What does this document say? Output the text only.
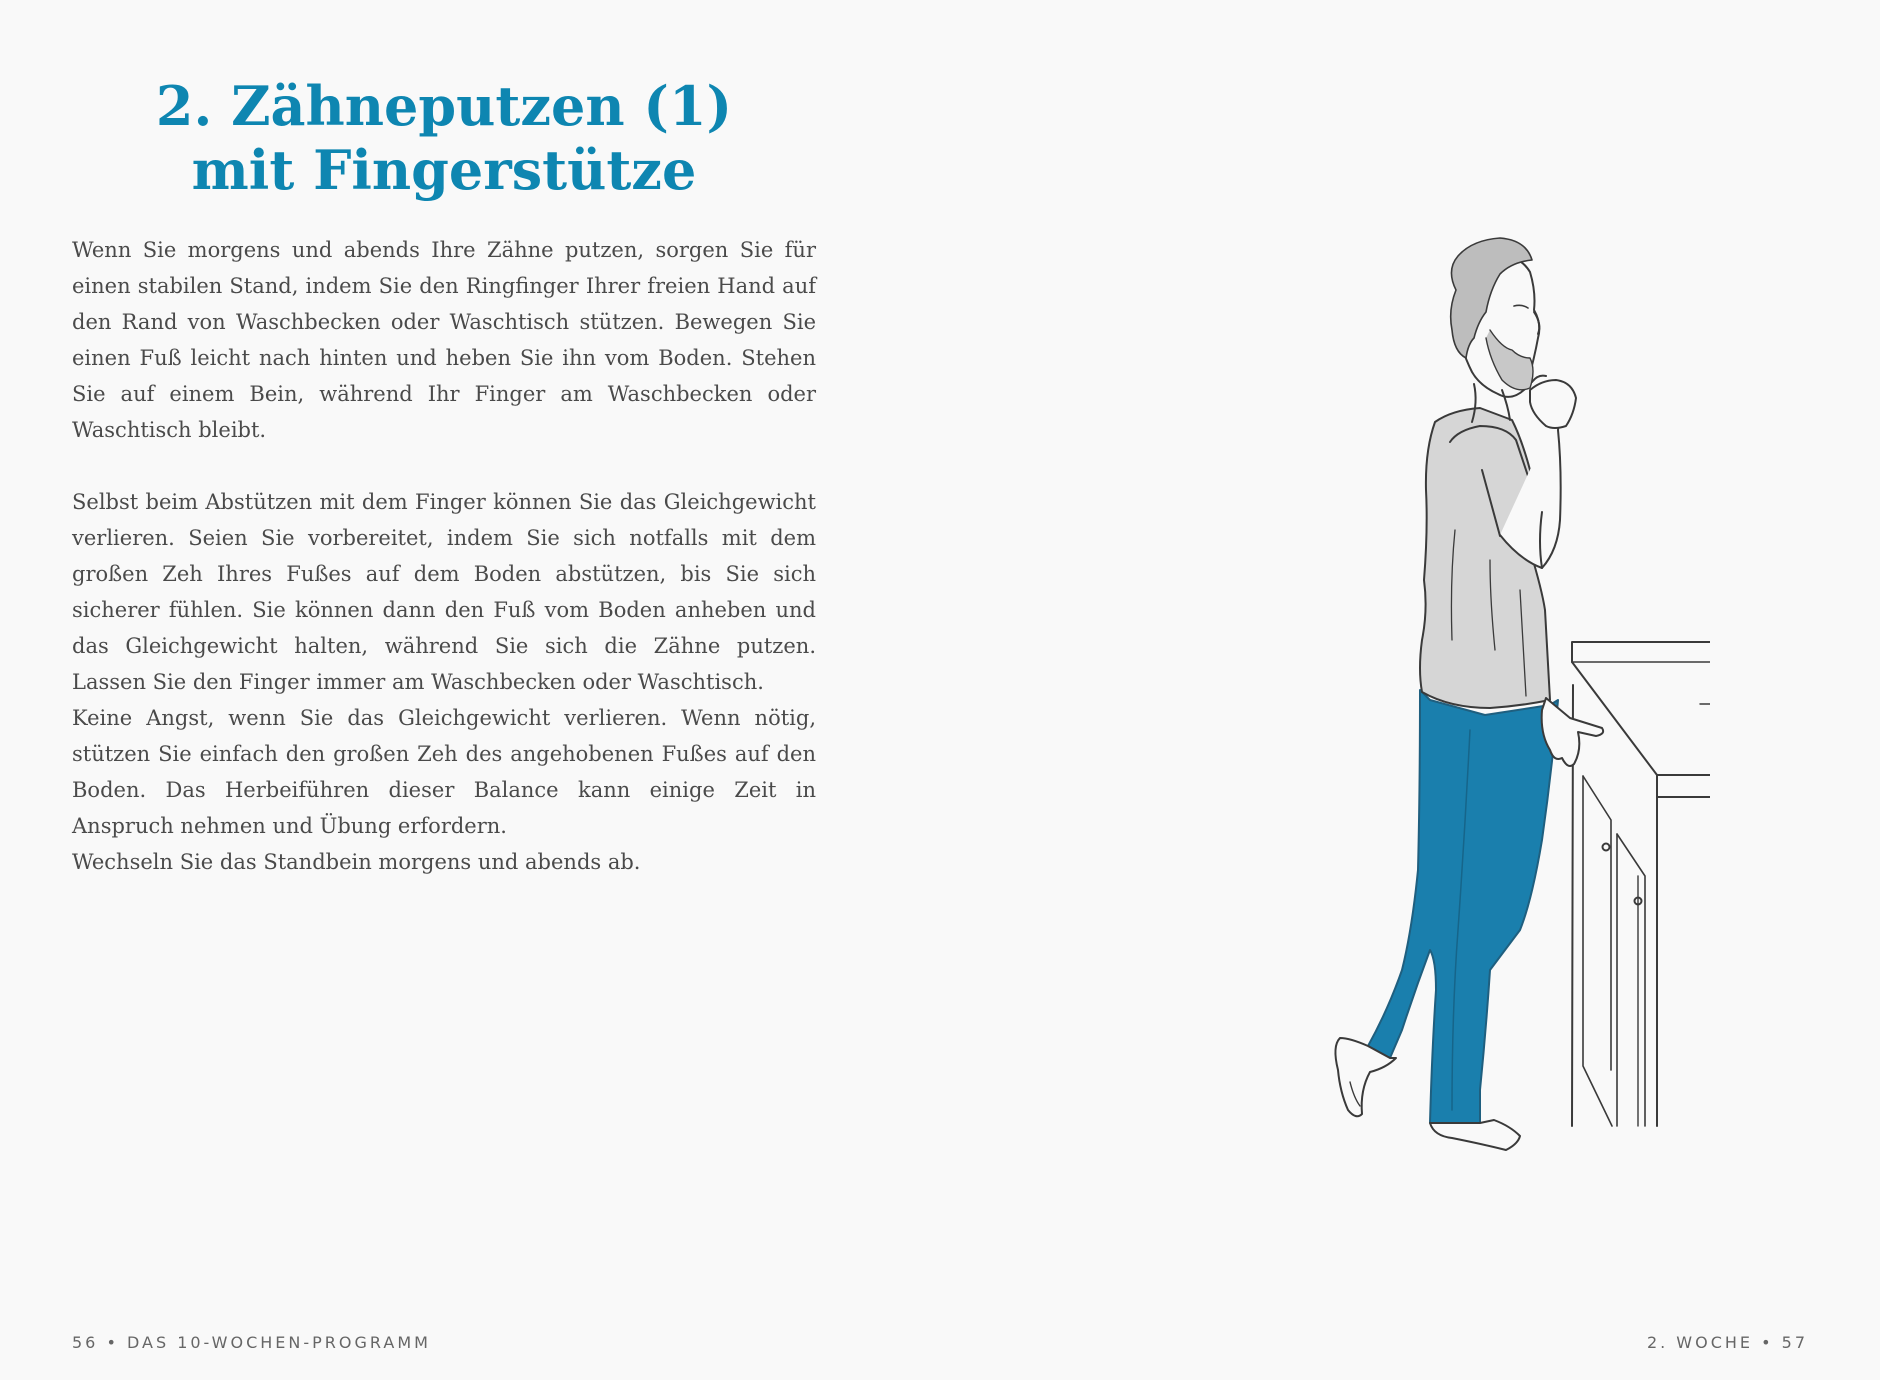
2. Zähneputzen (1)
mit Fingerstütze

Wenn Sie morgens und abends Ihre Zähne putzen, sorgen Sie für einen stabilen Stand, indem Sie den Ringfinger Ihrer freien Hand auf den Rand von Waschbecken oder Waschtisch stützen. Bewegen Sie einen Fuß leicht nach hinten und heben Sie ihn vom Boden. Stehen Sie auf einem Bein, während Ihr Finger am Waschbecken oder Waschtisch bleibt.

Selbst beim Abstützen mit dem Finger können Sie das Gleichgewicht verlieren. Seien Sie vorbereitet, indem Sie sich notfalls mit dem großen Zeh Ihres Fußes auf dem Boden abstützen, bis Sie sich sicherer fühlen. Sie können dann den Fuß vom Boden anheben und das Gleichgewicht halten, während Sie sich die Zähne putzen. Lassen Sie den Finger immer am Waschbecken oder Waschtisch.

Keine Angst, wenn Sie das Gleichgewicht verlieren. Wenn nötig, stützen Sie einfach den großen Zeh des angehobenen Fußes auf den Boden. Das Herbeiführen dieser Balance kann einige Zeit in Anspruch nehmen und Übung erfordern.

Wechseln Sie das Standbein morgens und abends ab.

56 • DAS 10-WOCHEN-PROGRAMM	2. WOCHE • 57
